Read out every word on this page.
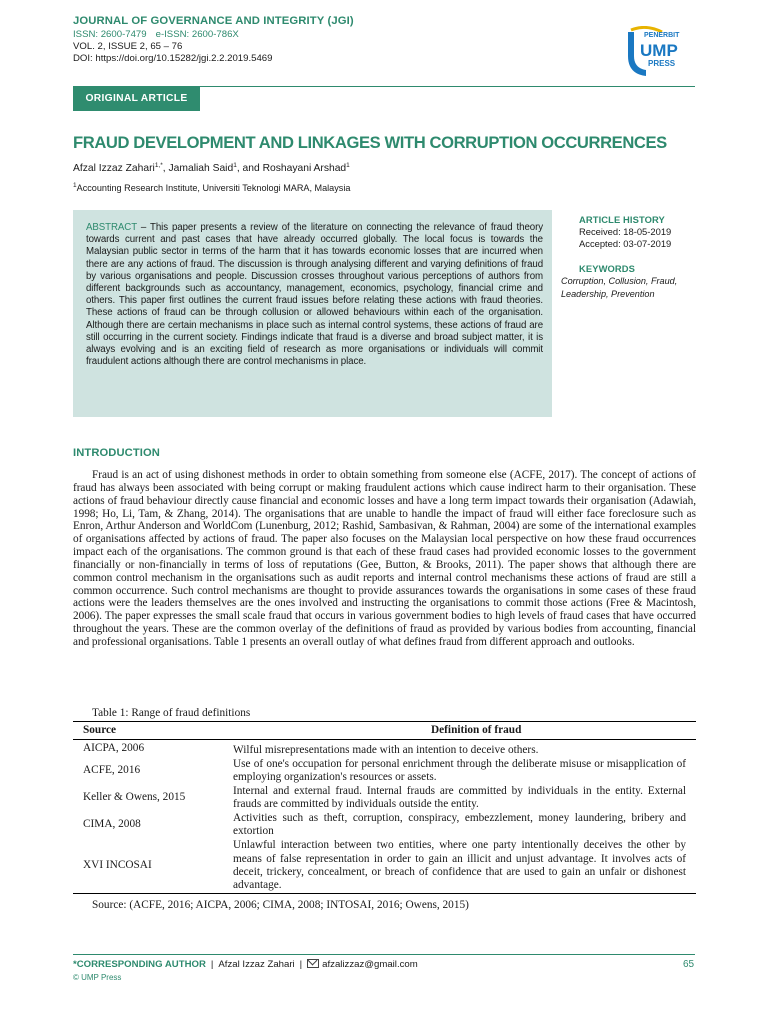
JOURNAL OF GOVERNANCE AND INTEGRITY (JGI)
ISSN: 2600-7479 e-ISSN: 2600-786X
VOL. 2, ISSUE 2, 65 – 76
DOI: https://doi.org/10.15282/jgi.2.2.2019.5469
PENERBIT
UMP
PRESS
ORIGINAL ARTICLE
FRAUD DEVELOPMENT AND LINKAGES WITH CORRUPTION OCCURRENCES
Afzal Izzaz Zahari$^{1,*}$, Jamaliah Said$^1$, and Roshayani Arshad$^1$
$^1$Accounting Research Institute, Universiti Teknologi MARA, Malaysia
ABSTRACT – This paper presents a review of the literature on connecting the relevance of fraud theory towards current and past cases that have already occurred globally. The local focus is towards the Malaysian public sector in terms of the harm that it has towards economic losses that are incurred when there are any actions of fraud. The discussion is through analysing different and varying definitions of fraud by various organisations and people. Discussion crosses throughout various perceptions of authors from different backgrounds such as accountancy, management, economics, psychology, financial crime and others. This paper first outlines the current fraud issues before relating these actions with fraud theories. These actions of fraud can be through collusion or allowed behaviours within each of the organisation. Although there are certain mechanisms in place such as internal control systems, these actions of fraud are still occurring in the current society. Findings indicate that fraud is a diverse and broad subject matter, it is always evolving and is an exciting field of research as more organisations or individuals will commit fraudulent actions although there are control mechanisms in place.
ARTICLE HISTORY
Received: 18-05-2019
Accepted: 03-07-2019
KEYWORDS
Corruption, Collusion, Fraud,
Leadership, Prevention
INTRODUCTION

Fraud is an act of using dishonest methods in order to obtain something from someone else (ACFE, 2017). The concept of actions of fraud has always been associated with being corrupt or making fraudulent actions which cause indirect harm to their organisation. These actions of fraud behaviour directly cause financial and economic losses and have a long term impact towards their organisation (Adawiah, 1998; Ho, Li, Tam, & Zhang, 2014). The organisations that are unable to handle the impact of fraud will either face foreclosure such as Enron, Arthur Anderson and WorldCom (Lunenburg, 2012; Rashid, Sambasivan, & Rahman, 2004) are some of the international examples of organisations affected by actions of fraud. The paper also focuses on the Malaysian local perspective on how these fraud occurrences impact each of the organisations. The common ground is that each of these fraud cases had provided economic losses to the government financially or non-financially in terms of loss of reputations (Gee, Button, & Brooks, 2011). The paper shows that although there are common control mechanism in the organisations such as audit reports and internal control mechanisms these actions of fraud are still a common occurrence. Such control mechanisms are thought to provide assurances towards the organisations in some cases of these fraud actions were the leaders themselves are the ones involved and instructing the organisations to commit those actions (Free & Macintosh, 2006). The paper expresses the small scale fraud that occurs in various government bodies to high levels of fraud cases that have occurred throughout the years. These are the common overlay of the definitions of fraud as provided by various bodies from accounting, financial and professional organisations. Table 1 presents an overall outlay of what defines fraud from different approach and outlooks.

Table 1: Range of fraud definitions
Source	Definition of fraud
AICPA, 2006	Wilful misrepresentations made with an intention to deceive others.
ACFE, 2016	Use of one's occupation for personal enrichment through the deliberate misuse or misapplication of employing organization's resources or assets.
Keller & Owens, 2015	Internal and external fraud. Internal frauds are committed by individuals in the entity. External frauds are committed by individuals outside the entity.
CIMA, 2008	Activities such as theft, corruption, conspiracy, embezzlement, money laundering, bribery and extortion
XVI INCOSAI	Unlawful interaction between two entities, where one party intentionally deceives the other by means of false representation in order to gain an illicit and unjust advantage. It involves acts of deceit, trickery, concealment, or breach of confidence that are used to gain an unfair or dishonest advantage.
Source: (ACFE, 2016; AICPA, 2006; CIMA, 2008; INTOSAI, 2016; Owens, 2015)
*CORRESPONDING AUTHOR | Afzal Izzaz Zahari | afzalizzaz@gmail.com
© UMP Press
65
